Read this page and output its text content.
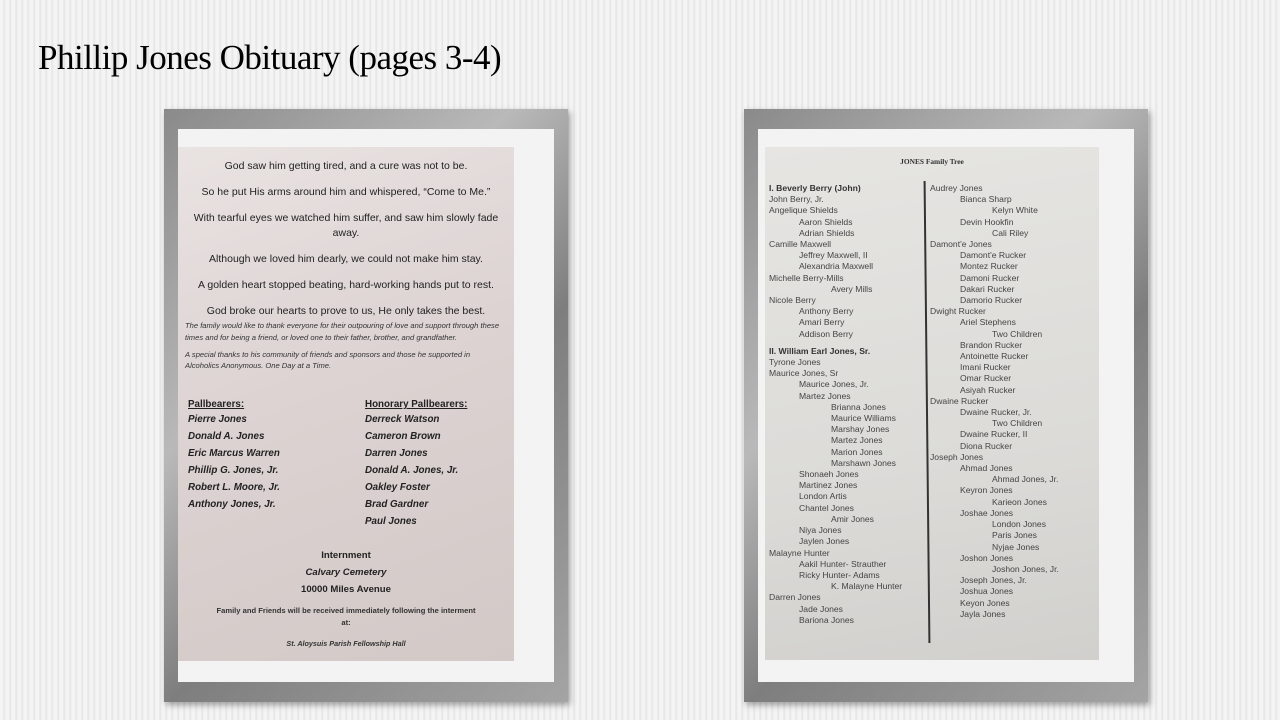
Phillip Jones Obituary (pages 3-4)
God saw him getting tired, and a cure was not to be.
So he put His arms around him and whispered, “Come to Me.”
With tearful eyes we watched him suffer, and saw him slowly fade away.
Although we loved him dearly, we could not make him stay.
A golden heart stopped beating, hard-working hands put to rest.
God broke our hearts to prove to us, He only takes the best.

The family would like to thank everyone for their outpouring of love and support through these times and for being a friend, or loved one to their father, brother, and grandfather.

A special thanks to his community of friends and sponsors and those he supported in Alcoholics Anonymous. One Day at a Time.

Pallbearers:
Pierre Jones
Donald A. Jones
Eric Marcus Warren
Phillip G. Jones, Jr.
Robert L. Moore, Jr.
Anthony Jones, Jr.
Honorary Pallbearers:
Derreck Watson
Cameron Brown
Darren Jones
Donald A. Jones, Jr.
Oakley Foster
Brad Gardner
Paul Jones
Internment
Calvary Cemetery
10000 Miles Avenue
Family and Friends will be received immediately following the interment
at:
St. Aloysuis Parish Fellowship Hall
JONES Family Tree
I. Beverly Berry (John)
John Berry, Jr.
Angelique Shields
Aaron Shields
Adrian Shields
Camille Maxwell
Jeffrey Maxwell, II
Alexandria Maxwell
Michelle Berry-Mills
Avery Mills
Nicole Berry
Anthony Berry
Amari Berry
Addison Berry
II. William Earl Jones, Sr.
Tyrone Jones
Maurice Jones, Sr
Maurice Jones, Jr.
Martez Jones
Brianna Jones
Maurice Williams
Marshay Jones
Martez Jones
Marion Jones
Marshawn Jones
Shonaeh Jones
Martinez Jones
London Artis
Chantel Jones
Amir Jones
Niya Jones
Jaylen Jones
Malayne Hunter
Aakil Hunter- Strauther
Ricky Hunter- Adams
K. Malayne Hunter
Darren Jones
Jade Jones
Bariona Jones
Audrey Jones
Bianca Sharp
Kelyn White
Devin Hookfin
Cali Riley
Damont'e Jones
Damont'e Rucker
Montez Rucker
Damoni Rucker
Dakari Rucker
Damorio Rucker
Dwight Rucker
Ariel Stephens
Two Children
Brandon Rucker
Antoinette Rucker
Imani Rucker
Omar Rucker
Asiyah Rucker
Dwaine Rucker
Dwaine Rucker, Jr.
Two Children
Dwaine Rucker, II
Diona Rucker
Joseph Jones
Ahmad Jones
Ahmad Jones, Jr.
Keyron Jones
Karieon Jones
Joshae Jones
London Jones
Paris Jones
Nyjae Jones
Joshon Jones
Joshon Jones, Jr.
Joseph Jones, Jr.
Joshua Jones
Keyon Jones
Jayla Jones
